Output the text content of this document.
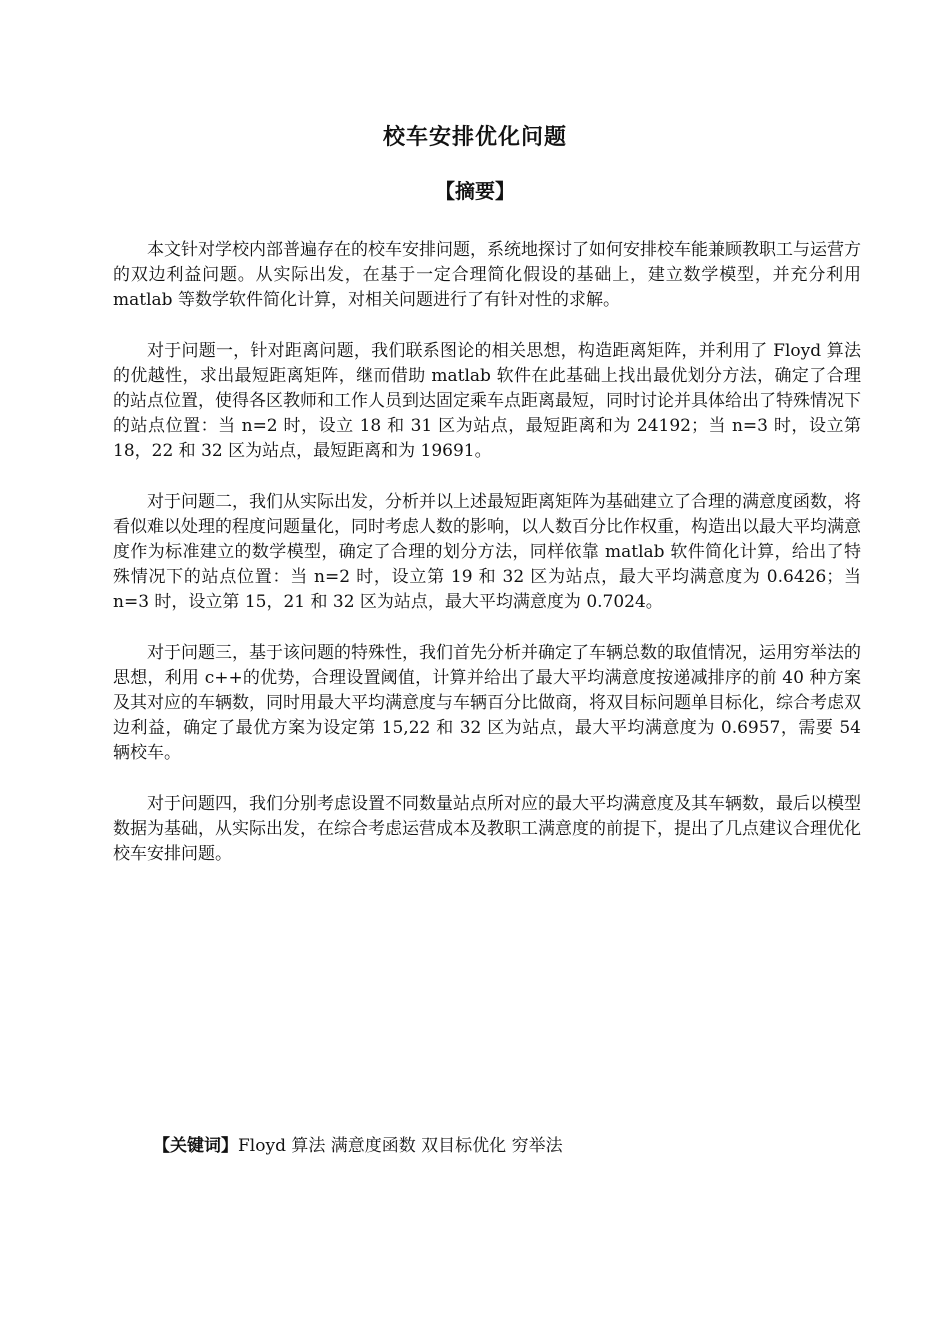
校车安排优化问题
【摘要】

本文针对学校内部普遍存在的校车安排问题，系统地探讨了如何安排校车能兼顾教职工与运营方的双边利益问题。从实际出发，在基于一定合理简化假设的基础上，建立数学模型，并充分利用 matlab 等数学软件简化计算，对相关问题进行了有针对性的求解。

对于问题一，针对距离问题，我们联系图论的相关思想，构造距离矩阵，并利用了 Floyd 算法的优越性，求出最短距离矩阵，继而借助 matlab 软件在此基础上找出最优划分方法，确定了合理的站点位置，使得各区教师和工作人员到达固定乘车点距离最短，同时讨论并具体给出了特殊情况下的站点位置：当 n=2 时，设立 18 和 31 区为站点，最短距离和为 24192；当 n=3 时，设立第 18，22 和 32 区为站点，最短距离和为 19691。

对于问题二，我们从实际出发，分析并以上述最短距离矩阵为基础建立了合理的满意度函数，将看似难以处理的程度问题量化，同时考虑人数的影响，以人数百分比作权重，构造出以最大平均满意度作为标准建立的数学模型，确定了合理的划分方法，同样依靠 matlab 软件简化计算，给出了特殊情况下的站点位置：当 n=2 时，设立第 19 和 32 区为站点，最大平均满意度为 0.6426；当 n=3 时，设立第 15，21 和 32 区为站点，最大平均满意度为 0.7024。

对于问题三，基于该问题的特殊性，我们首先分析并确定了车辆总数的取值情况，运用穷举法的思想，利用 c++的优势，合理设置阈值，计算并给出了最大平均满意度按递减排序的前 40 种方案及其对应的车辆数，同时用最大平均满意度与车辆百分比做商，将双目标问题单目标化，综合考虑双边利益，确定了最优方案为设定第 15,22 和 32 区为站点，最大平均满意度为 0.6957，需要 54 辆校车。

对于问题四，我们分别考虑设置不同数量站点所对应的最大平均满意度及其车辆数，最后以模型数据为基础，从实际出发，在综合考虑运营成本及教职工满意度的前提下，提出了几点建议合理优化校车安排问题。

【关键词】Floyd 算法 满意度函数 双目标优化 穷举法
